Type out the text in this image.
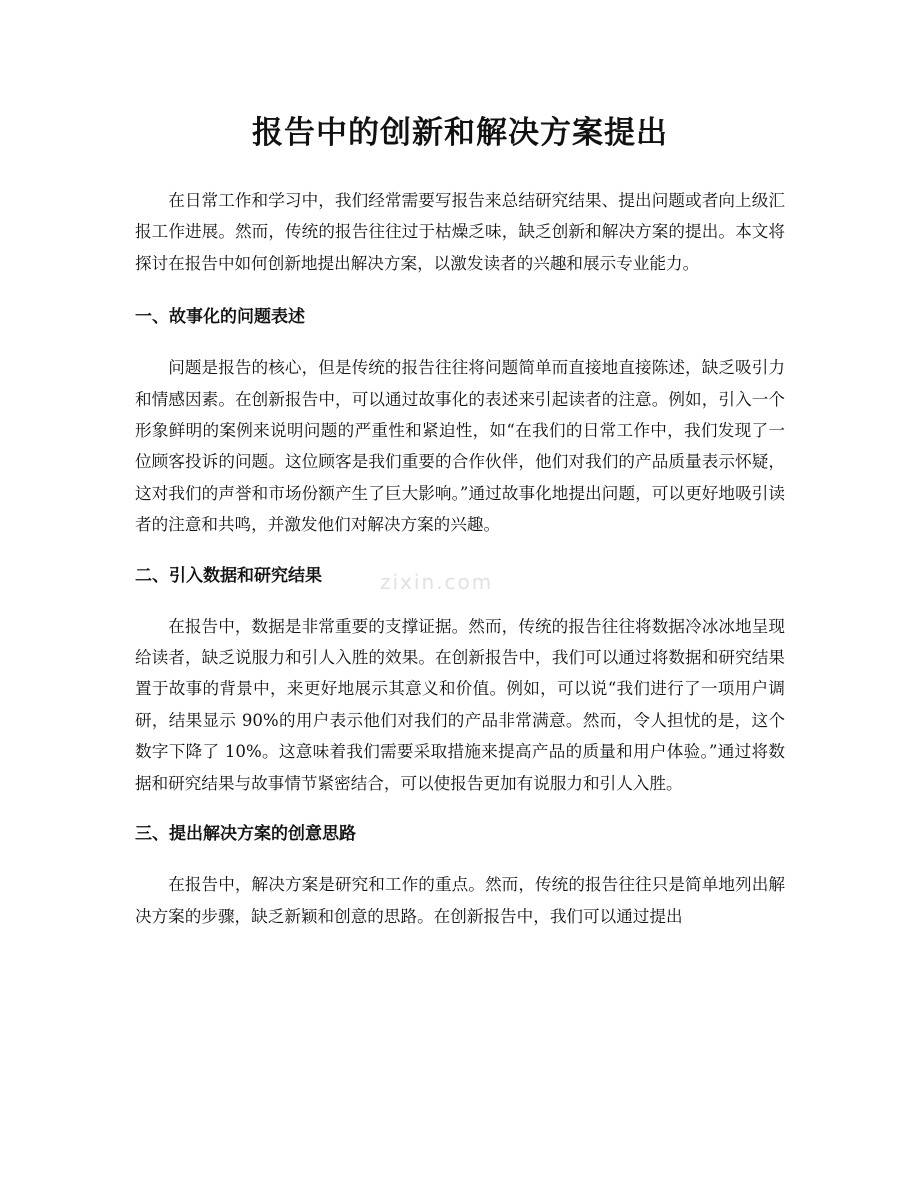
报告中的创新和解决方案提出

在日常工作和学习中，我们经常需要写报告来总结研究结果、提出问题或者向上级汇报工作进展。然而，传统的报告往往过于枯燥乏味，缺乏创新和解决方案的提出。本文将探讨在报告中如何创新地提出解决方案，以激发读者的兴趣和展示专业能力。

一、故事化的问题表述

问题是报告的核心，但是传统的报告往往将问题简单而直接地直接陈述，缺乏吸引力和情感因素。在创新报告中，可以通过故事化的表述来引起读者的注意。例如，引入一个形象鲜明的案例来说明问题的严重性和紧迫性，如“在我们的日常工作中，我们发现了一位顾客投诉的问题。这位顾客是我们重要的合作伙伴，他们对我们的产品质量表示怀疑，这对我们的声誉和市场份额产生了巨大影响。”通过故事化地提出问题，可以更好地吸引读者的注意和共鸣，并激发他们对解决方案的兴趣。

二、引入数据和研究结果

在报告中，数据是非常重要的支撑证据。然而，传统的报告往往将数据冷冰冰地呈现给读者，缺乏说服力和引人入胜的效果。在创新报告中，我们可以通过将数据和研究结果置于故事的背景中，来更好地展示其意义和价值。例如，可以说“我们进行了一项用户调研，结果显示 90%的用户表示他们对我们的产品非常满意。然而，令人担忧的是，这个数字下降了 10%。这意味着我们需要采取措施来提高产品的质量和用户体验。”通过将数据和研究结果与故事情节紧密结合，可以使报告更加有说服力和引人入胜。

三、提出解决方案的创意思路

在报告中，解决方案是研究和工作的重点。然而，传统的报告往往只是简单地列出解决方案的步骤，缺乏新颖和创意的思路。在创新报告中，我们可以通过提出

zixin.com
